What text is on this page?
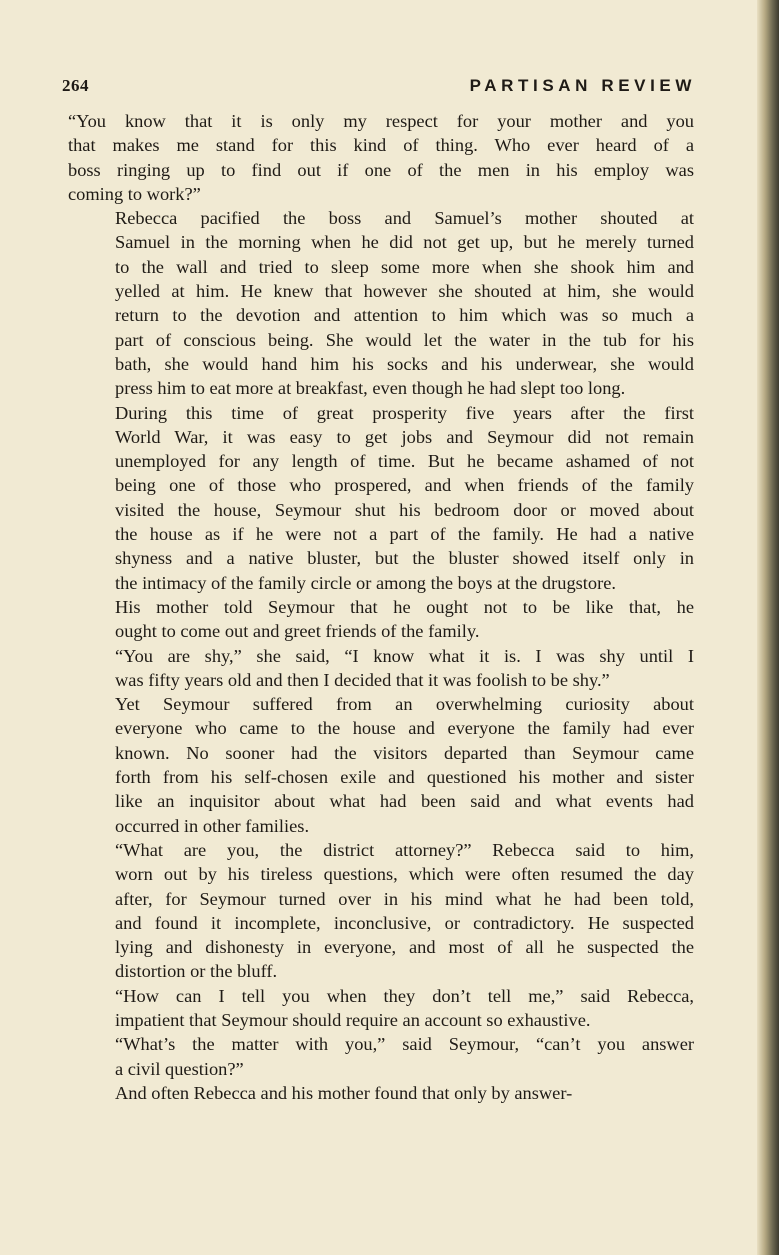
264	PARTISAN REVIEW

“You know that it is only my respect for your mother and you
that makes me stand for this kind of thing. Who ever heard of a
boss ringing up to find out if one of the men in his employ was
coming to work?”

Rebecca pacified the boss and Samuel’s mother shouted at
Samuel in the morning when he did not get up, but he merely turned
to the wall and tried to sleep some more when she shook him and
yelled at him. He knew that however she shouted at him, she would
return to the devotion and attention to him which was so much a
part of conscious being. She would let the water in the tub for his
bath, she would hand him his socks and his underwear, she would
press him to eat more at breakfast, even though he had slept too long.

During this time of great prosperity five years after the first
World War, it was easy to get jobs and Seymour did not remain
unemployed for any length of time. But he became ashamed of not
being one of those who prospered, and when friends of the family
visited the house, Seymour shut his bedroom door or moved about
the house as if he were not a part of the family. He had a native
shyness and a native bluster, but the bluster showed itself only in
the intimacy of the family circle or among the boys at the drugstore.

His mother told Seymour that he ought not to be like that, he
ought to come out and greet friends of the family.

“You are shy,” she said, “I know what it is. I was shy until I
was fifty years old and then I decided that it was foolish to be shy.”

Yet Seymour suffered from an overwhelming curiosity about
everyone who came to the house and everyone the family had ever
known. No sooner had the visitors departed than Seymour came
forth from his self-chosen exile and questioned his mother and sister
like an inquisitor about what had been said and what events had
occurred in other families.

“What are you, the district attorney?” Rebecca said to him,
worn out by his tireless questions, which were often resumed the day
after, for Seymour turned over in his mind what he had been told,
and found it incomplete, inconclusive, or contradictory. He suspected
lying and dishonesty in everyone, and most of all he suspected the
distortion or the bluff.

“How can I tell you when they don’t tell me,” said Rebecca,
impatient that Seymour should require an account so exhaustive.

“What’s the matter with you,” said Seymour, “can’t you answer
a civil question?”

And often Rebecca and his mother found that only by answer-
